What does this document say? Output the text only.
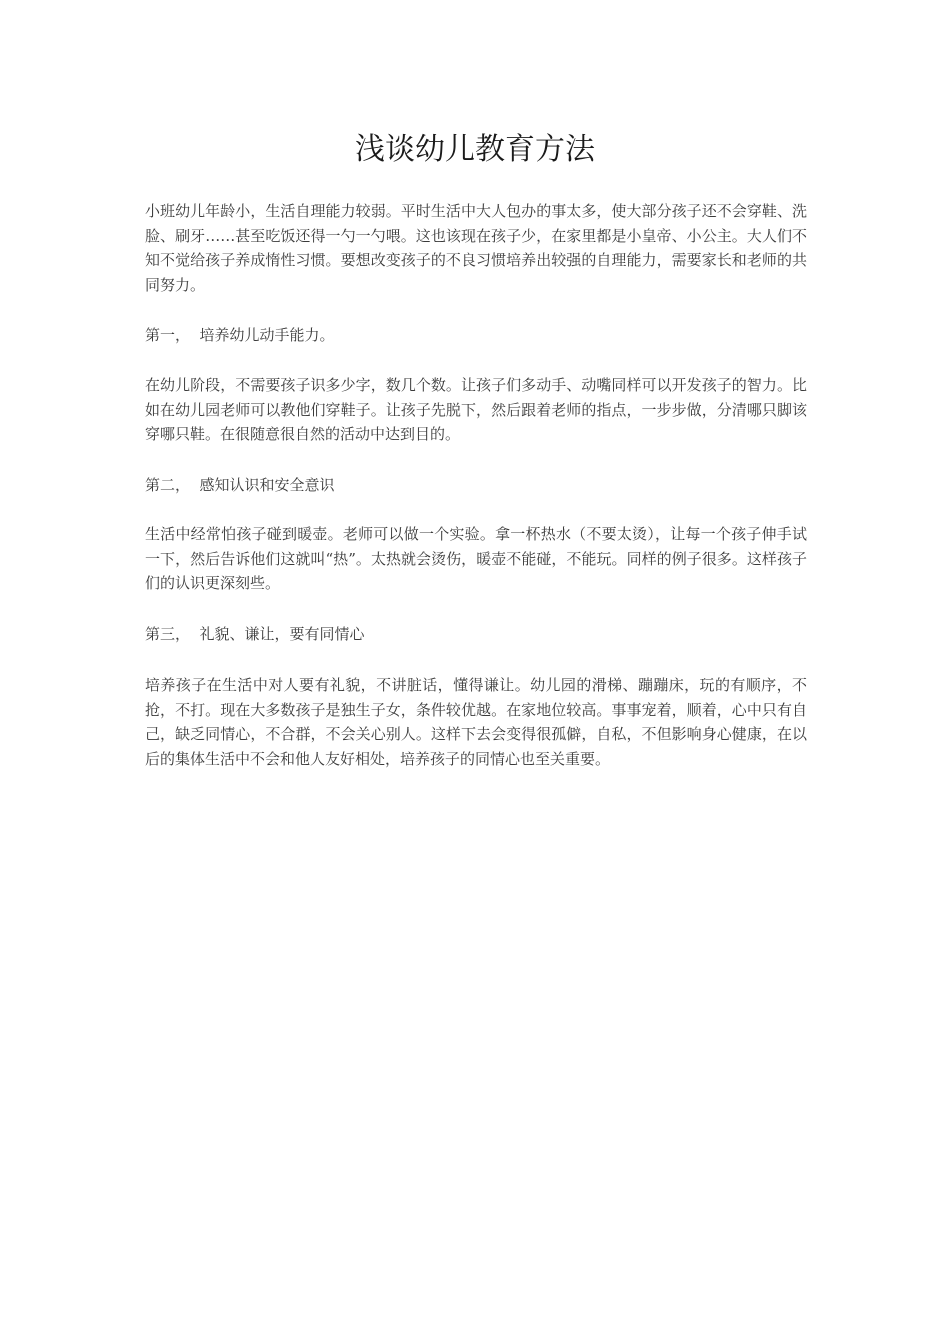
浅谈幼儿教育方法

小班幼儿年龄小，生活自理能力较弱。平时生活中大人包办的事太多，使大部分孩子还不会穿鞋、洗脸、刷牙……甚至吃饭还得一勺一勺喂。这也该现在孩子少，在家里都是小皇帝、小公主。大人们不知不觉给孩子养成惰性习惯。要想改变孩子的不良习惯培养出较强的自理能力，需要家长和老师的共同努力。

第一，  培养幼儿动手能力。

在幼儿阶段，不需要孩子识多少字，数几个数。让孩子们多动手、动嘴同样可以开发孩子的智力。比如在幼儿园老师可以教他们穿鞋子。让孩子先脱下，然后跟着老师的指点，一步步做，分清哪只脚该穿哪只鞋。在很随意很自然的活动中达到目的。

第二，  感知认识和安全意识

生活中经常怕孩子碰到暖壶。老师可以做一个实验。拿一杯热水（不要太烫），让每一个孩子伸手试一下，然后告诉他们这就叫“热”。太热就会烫伤，暖壶不能碰，不能玩。同样的例子很多。这样孩子们的认识更深刻些。

第三，  礼貌、谦让，要有同情心

培养孩子在生活中对人要有礼貌，不讲脏话，懂得谦让。幼儿园的滑梯、蹦蹦床，玩的有顺序，不抢，不打。现在大多数孩子是独生子女，条件较优越。在家地位较高。事事宠着，顺着，心中只有自己，缺乏同情心，不合群，不会关心别人。这样下去会变得很孤僻，自私，不但影响身心健康，在以后的集体生活中不会和他人友好相处，培养孩子的同情心也至关重要。
